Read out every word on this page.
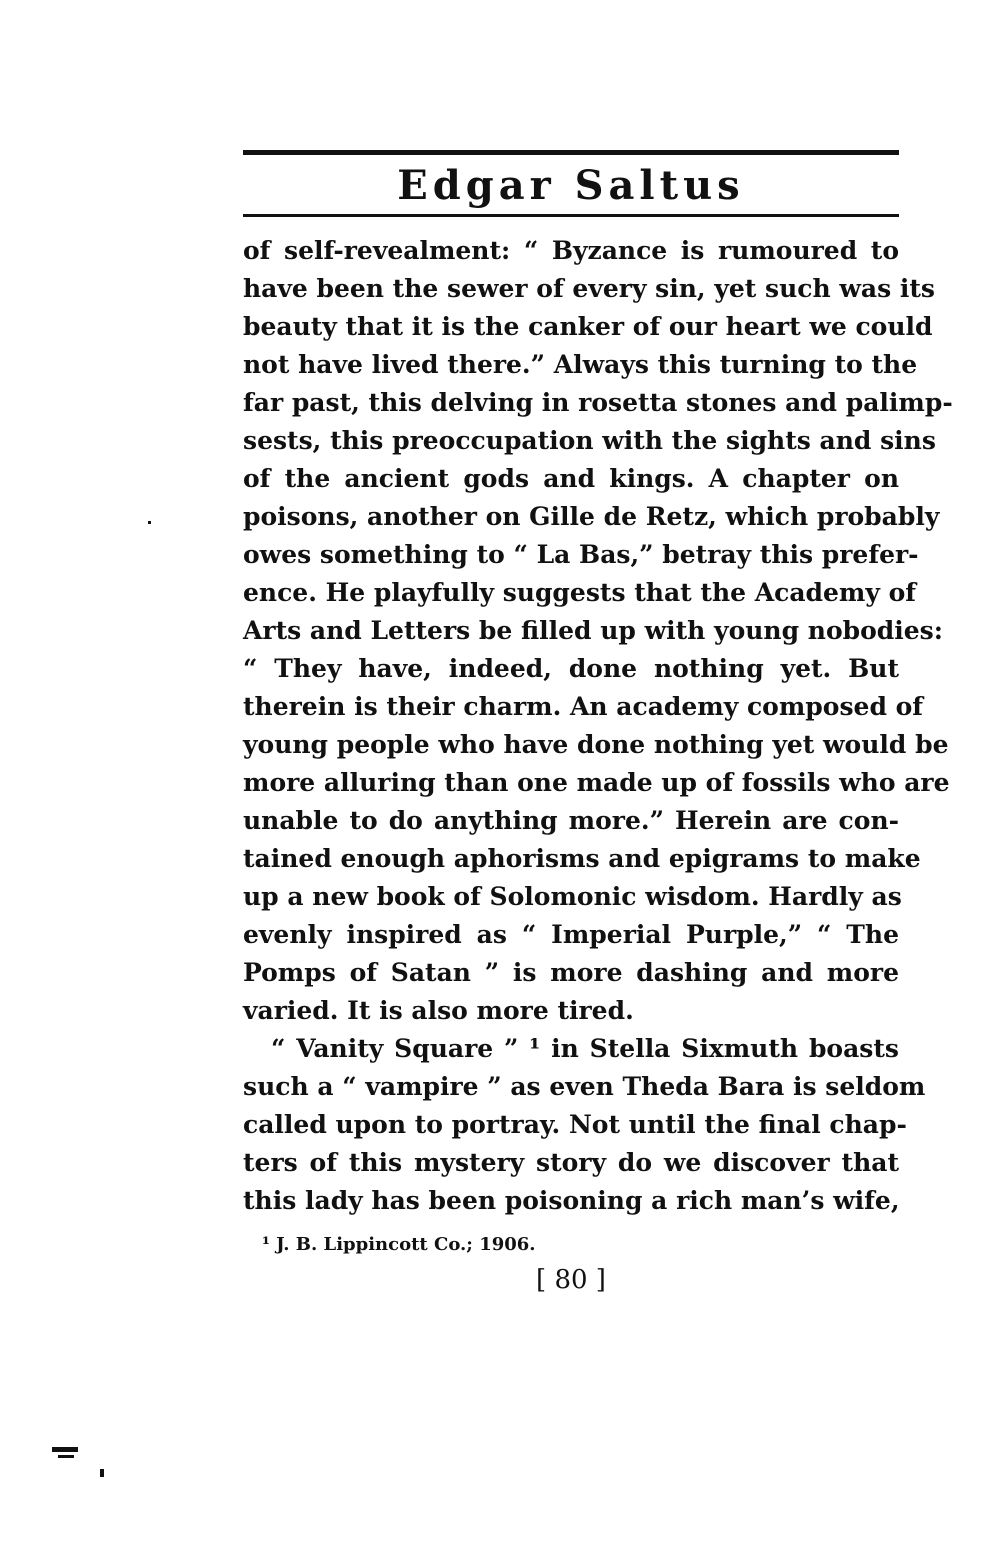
Edgar Saltus
of self-revealment: “ Byzance is rumoured to
have been the sewer of every sin, yet such was its
beauty that it is the canker of our heart we could
not have lived there.” Always this turning to the
far past, this delving in rosetta stones and palimp-
sests, this preoccupation with the sights and sins
of the ancient gods and kings. A chapter on
poisons, another on Gille de Retz, which probably
owes something to “ La Bas,” betray this prefer-
ence. He playfully suggests that the Academy of
Arts and Letters be filled up with young nobodies:
“ They have, indeed, done nothing yet. But
therein is their charm. An academy composed of
young people who have done nothing yet would be
more alluring than one made up of fossils who are
unable to do anything more.” Herein are con-
tained enough aphorisms and epigrams to make
up a new book of Solomonic wisdom. Hardly as
evenly inspired as “ Imperial Purple,” “ The
Pomps of Satan ” is more dashing and more
varied. It is also more tired.
“ Vanity Square ” ¹ in Stella Sixmuth boasts
such a “ vampire ” as even Theda Bara is seldom
called upon to portray. Not until the final chap-
ters of this mystery story do we discover that
this lady has been poisoning a rich man’s wife,
¹ J. B. Lippincott Co.; 1906.
[ 80 ]
